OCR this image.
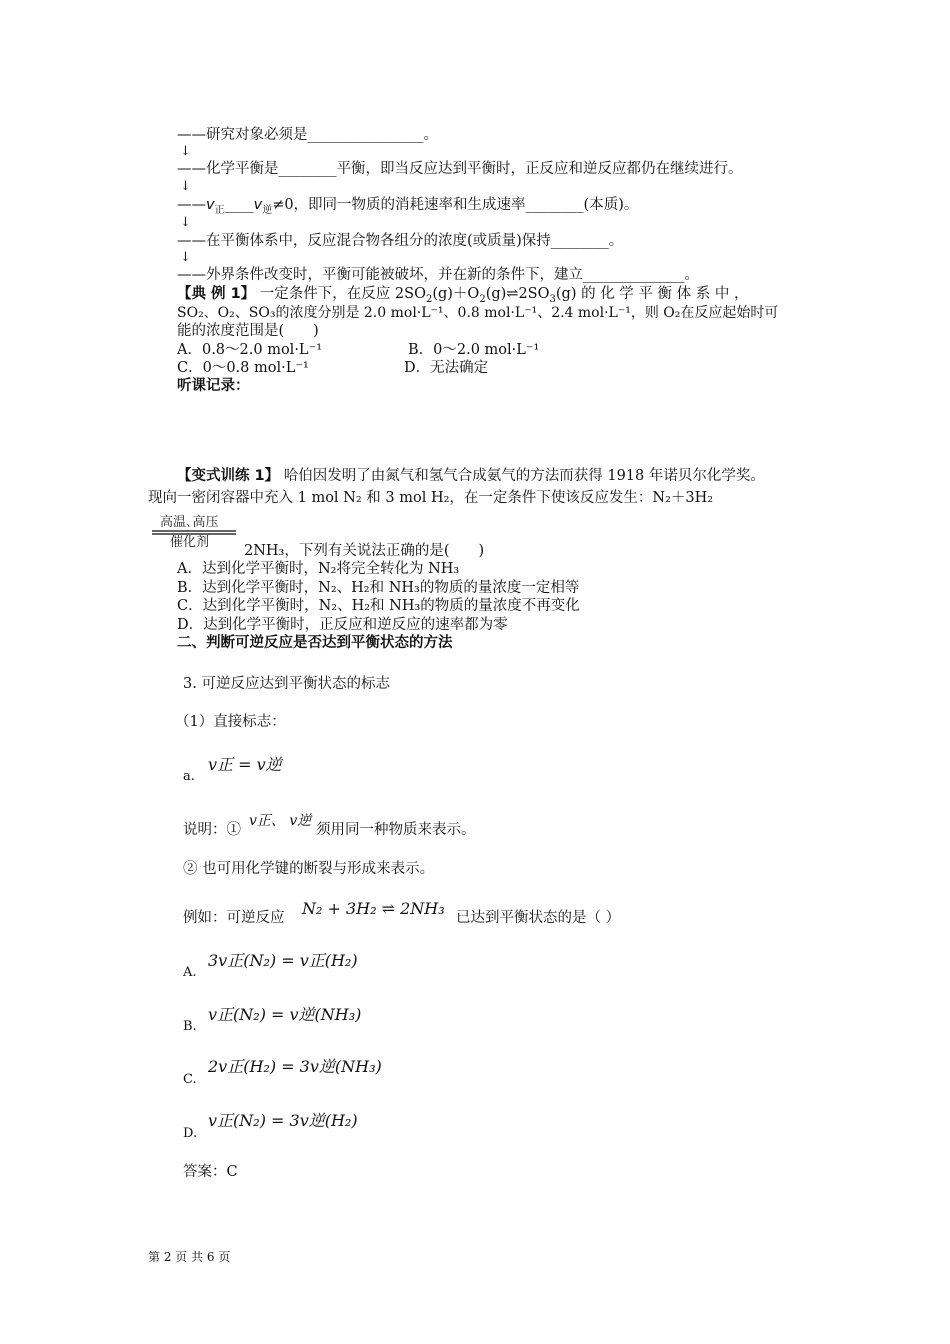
——研究对象必须是________________。
↓
——化学平衡是________平衡，即当反应达到平衡时，正反应和逆反应都仍在继续进行。
↓
$——v_正\_\_\_\_v_逆\ne 0$，即同一物质的消耗速率和生成速率________(本质)。
↓
——在平衡体系中，反应混合物各组分的浓度(或质量)保持________。
↓
——外界条件改变时，平衡可能被破坏，并在新的条件下，建立______________。
【典 例 1】 一定条件下，在反应 $2SO_2(g)+O_2(g)\rightleftharpoons 2SO_3(g)$ 的 化 学 平 衡 体 系 中 ，
SO₂、O₂、SO₃的浓度分别是 2.0 mol·L⁻¹、0.8 mol·L⁻¹、2.4 mol·L⁻¹，则 O₂在反应起始时可
能的浓度范围是(　　)
A．0.8～2.0 mol·L⁻¹	B．0～2.0 mol·L⁻¹
C．0～0.8 mol·L⁻¹	D．无法确定
听课记录：
【变式训练 1】 哈伯因发明了由氮气和氢气合成氨气的方法而获得 1918 年诺贝尔化学奖。
现向一密闭容器中充入 1 mol N₂ 和 3 mol H₂，在一定条件下使该反应发生：N₂＋3H₂
高温､高压
催化剂
2NH₃，下列有关说法正确的是(　　)
A．达到化学平衡时，N₂将完全转化为 NH₃
B．达到化学平衡时，N₂、H₂和 NH₃的物质的量浓度一定相等
C．达到化学平衡时，N₂、H₂和 NH₃的物质的量浓度不再变化
D．达到化学平衡时，正反应和逆反应的速率都为零
二、判断可逆反应是否达到平衡状态的方法
3. 可逆反应达到平衡状态的标志
（1）直接标志：
a.
v正 = v逆
说明：①
v正、 v逆
须用同一种物质来表示。
② 也可用化学键的断裂与形成来表示。
例如：可逆反应 N₂ + 3H₂ ⇌ 2NH₃ 已达到平衡状态的是（ ）
A.
3v正(N₂) = v正(H₂)
B.
v正(N₂) = v逆(NH₃)
C.
2v正(H₂) = 3v逆(NH₃)
D.
v正(N₂) = 3v逆(H₂)
答案：C
第 2 页 共 6 页
